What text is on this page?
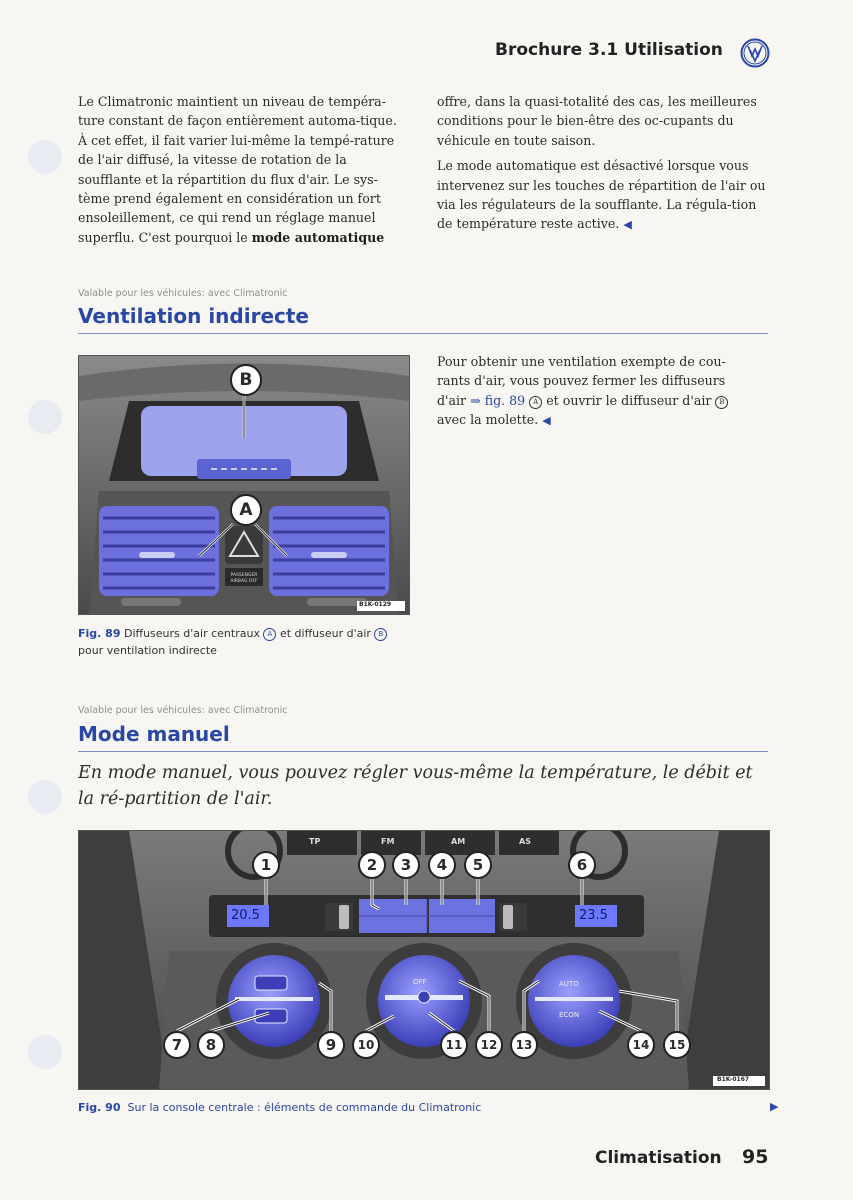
Brochure 3.1 Utilisation

Le Climatronic maintient un niveau de tempéra-ture constant de façon entièrement automa-tique. À cet effet, il fait varier lui-même la tempé-rature de l'air diffusé, la vitesse de rotation de la soufflante et la répartition du flux d'air. Le sys-tème prend également en considération un fort ensoleillement, ce qui rend un réglage manuel superflu. C'est pourquoi le mode automatique

offre, dans la quasi-totalité des cas, les meilleures conditions pour le bien-être des oc-cupants du véhicule en toute saison.

Le mode automatique est désactivé lorsque vous intervenez sur les touches de répartition de l'air ou via les régulateurs de la soufflante. La régula-tion de température reste active. ◀

Valable pour les véhicules: avec Climatronic
Ventilation indirecte
PASSENGER
AIRBAG OFF
B
A
B1K-0129
Fig. 89 Diffuseurs d'air centraux A et diffuseur d'air B pour ventilation indirecte

Pour obtenir une ventilation exempte de cou-rants d'air, vous pouvez fermer les diffuseurs d'air ⇒ fig. 89 A et ouvrir le diffuseur d'air B avec la molette. ◀

Valable pour les véhicules: avec Climatronic
Mode manuel
En mode manuel, vous pouvez régler vous-même la température, le débit et la ré-partition de l'air.
TP	FM	AM	AS
20.5	23.5
OFF	AUTO
ECON
1	2	3	4	5	6
7	8	9	10	11	12	13	14	15
B1K-0167
Fig. 90 Sur la console centrale : éléments de commande du Climatronic	▶
Climatisation 95
